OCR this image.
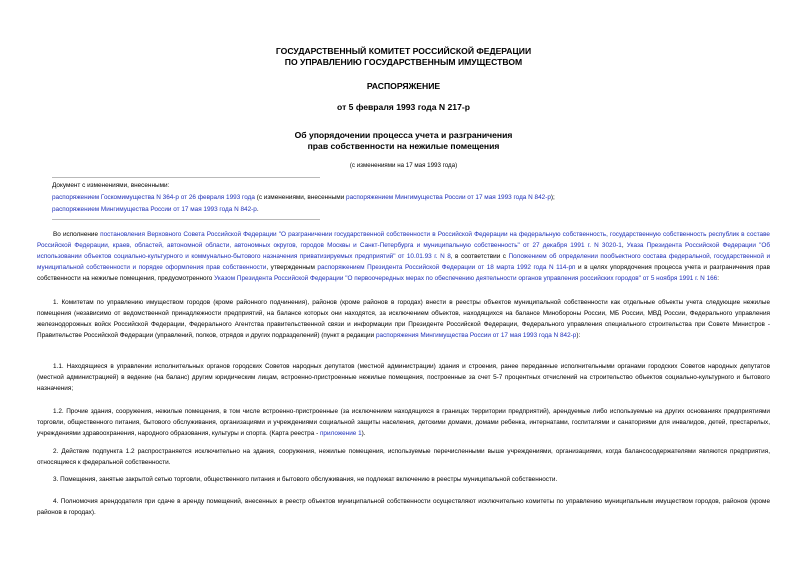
ГОСУДАРСТВЕННЫЙ КОМИТЕТ РОССИЙСКОЙ ФЕДЕРАЦИИ
ПО УПРАВЛЕНИЮ ГОСУДАРСТВЕННЫМ ИМУЩЕСТВОМ
РАСПОРЯЖЕНИЕ
от 5 февраля 1993 года N 217-р
Об упорядочении процесса учета и разграничения
прав собственности на нежилые помещения
(с изменениями на 17 мая 1993 года)
Документ с изменениями, внесенными:
распоряжением Госкомимущества N 364-р от 26 февраля 1993 года (с изменениями, внесенными распоряжением Мингимущества России от 17 мая 1993 года N 842-р);
распоряжением Мингимущества России от 17 мая 1993 года N 842-р.

Во исполнение постановления Верховного Совета Российской Федерации "О разграничении государственной собственности в Российской Федерации на федеральную собственность, государственную собственность республик в составе Российской Федерации, краев, областей, автономной области, автономных округов, городов Москвы и Санкт-Петербурга и муниципальную собственность" от 27 декабря 1991 г. N 3020-1, Указа Президента Российской Федерации "Об использовании объектов социально-культурного и коммунально-бытового назначения приватизируемых предприятий" от 10.01.93 г. N 8, в соответствии с Положением об определении пообъектного состава федеральной, государственной и муниципальной собственности и порядке оформления прав собственности, утвержденным распоряжением Президента Российской Федерации от 18 марта 1992 года N 114-рп и в целях упорядочения процесса учета и разграничения прав собственности на нежилые помещения, предусмотренного Указом Президента Российской Федерации "О первоочередных мерах по обеспечению деятельности органов управления российских городов" от 5 ноября 1991 г. N 166:

1. Комитетам по управлению имуществом городов (кроме районного подчинения), районов (кроме районов в городах) внести в реестры объектов муниципальной собственности как отдельные объекты учета следующие нежилые помещения (независимо от ведомственной принадлежности предприятий, на балансе которых они находятся, за исключением объектов, находящихся на балансе Минобороны России, МБ России, МВД России, Федерального управления железнодорожных войск Российской Федерации, Федерального Агентства правительственной связи и информации при Президенте Российской Федерации, Федерального управления специального строительства при Совете Министров - Правительстве Российской Федерации (управлений, полков, отрядов и других подразделений) (пункт в редакции распоряжения Мингимущества России от 17 мая 1993 года N 842-р):

1.1. Находящиеся в управлении исполнительных органов городских Советов народных депутатов (местной администрации) здания и строения, ранее переданные исполнительными органами городских Советов народных депутатов (местной администрацией) в ведение (на баланс) другим юридическим лицам, встроенно-пристроенные нежилые помещения, построенные за счет 5-7 процентных отчислений на строительство объектов социально-культурного и бытового назначения;

1.2. Прочие здания, сооружения, нежилые помещения, в том числе встроенно-пристроенные (за исключением находящихся в границах территории предприятий), арендуемые либо используемые на других основаниях предприятиями торговли, общественного питания, бытового обслуживания, организациями и учреждениями социальной защиты населения, детскими домами, домами ребенка, интернатами, госпиталями и санаториями для инвалидов, детей, престарелых, учреждениями здравоохранения, народного образования, культуры и спорта. (Карта реестра - приложение 1).

2. Действие подпункта 1.2 распространяется исключительно на здания, сооружения, нежилые помещения, используемые перечисленными выше учреждениями, организациями, когда балансосодержателями являются предприятия, относящиеся к федеральной собственности.

3. Помещения, занятые закрытой сетью торговли, общественного питания и бытового обслуживания, не подлежат включению в реестры муниципальной собственности.

4. Полномочия арендодателя при сдаче в аренду помещений, внесенных в реестр объектов муниципальной собственности осуществляют исключительно комитеты по управлению муниципальным имуществом городов, районов (кроме районов в городах).
